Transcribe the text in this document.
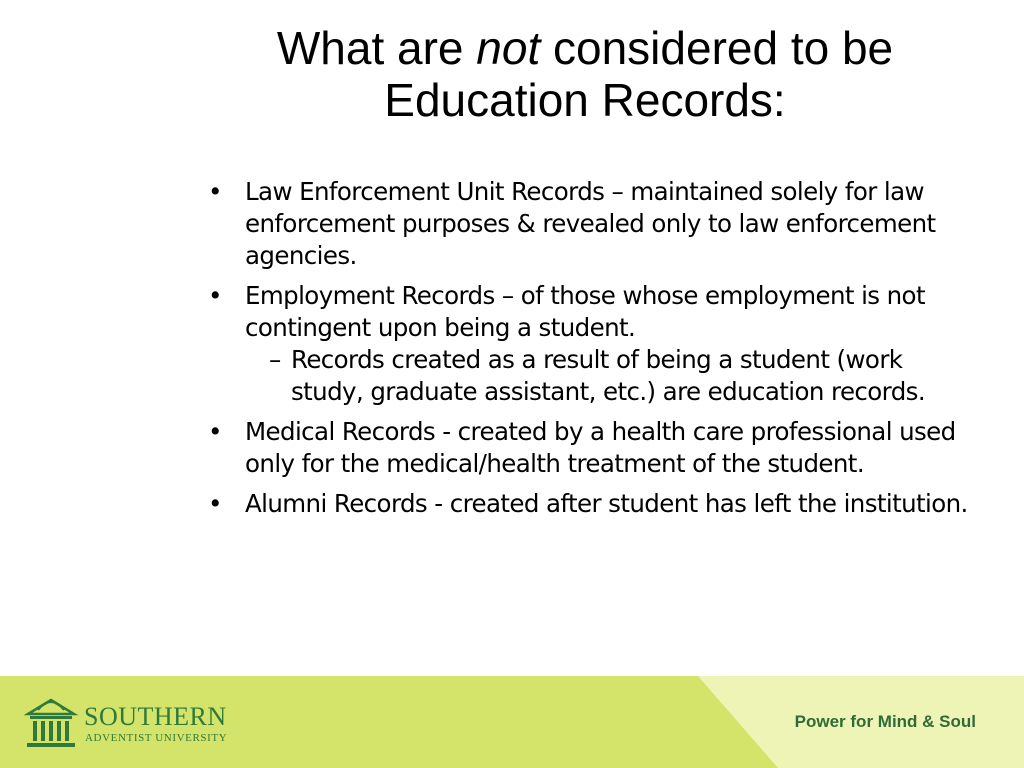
What are not considered to be
Education Records:
• Law Enforcement Unit Records – maintained solely for law enforcement purposes & revealed only to law enforcement agencies.
• Employment Records – of those whose employment is not contingent upon being a student.
– Records created as a result of being a student (work study, graduate assistant, etc.) are education records.
• Medical Records - created by a health care professional used only for the medical/health treatment of the student.
• Alumni Records - created after student has left the institution.
SOUTHERN
ADVENTIST UNIVERSITY
Power for Mind & Soul
